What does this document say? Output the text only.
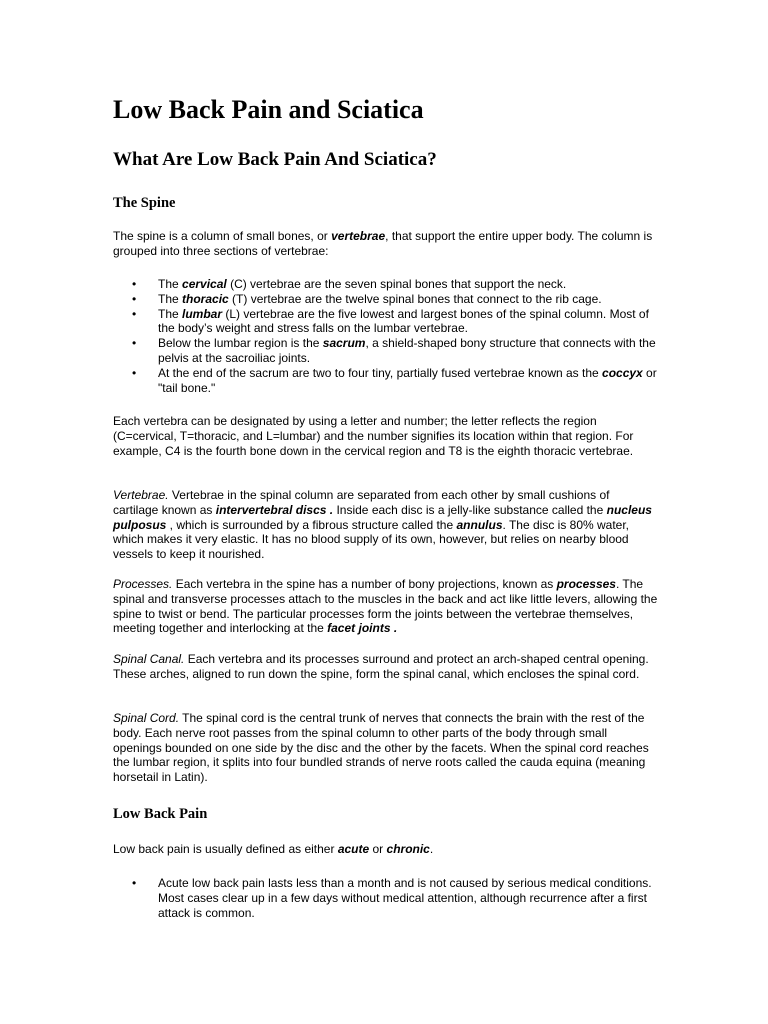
Low Back Pain and Sciatica
What Are Low Back Pain And Sciatica?
The Spine

The spine is a column of small bones, or vertebrae, that support the entire upper body. The column is grouped into three sections of vertebrae:

• The cervical (C) vertebrae are the seven spinal bones that support the neck.
• The thoracic (T) vertebrae are the twelve spinal bones that connect to the rib cage.
• The lumbar (L) vertebrae are the five lowest and largest bones of the spinal column. Most of the body’s weight and stress falls on the lumbar vertebrae.
• Below the lumbar region is the sacrum, a shield-shaped bony structure that connects with the pelvis at the sacroiliac joints.
• At the end of the sacrum are two to four tiny, partially fused vertebrae known as the coccyx or "tail bone."

Each vertebra can be designated by using a letter and number; the letter reflects the region (C=cervical, T=thoracic, and L=lumbar) and the number signifies its location within that region. For example, C4 is the fourth bone down in the cervical region and T8 is the eighth thoracic vertebrae.

Vertebrae. Vertebrae in the spinal column are separated from each other by small cushions of cartilage known as intervertebral discs . Inside each disc is a jelly-like substance called the nucleus pulposus , which is surrounded by a fibrous structure called the annulus. The disc is 80% water, which makes it very elastic. It has no blood supply of its own, however, but relies on nearby blood vessels to keep it nourished.

Processes. Each vertebra in the spine has a number of bony projections, known as processes. The spinal and transverse processes attach to the muscles in the back and act like little levers, allowing the spine to twist or bend. The particular processes form the joints between the vertebrae themselves, meeting together and interlocking at the facet joints .

Spinal Canal. Each vertebra and its processes surround and protect an arch-shaped central opening. These arches, aligned to run down the spine, form the spinal canal, which encloses the spinal cord.

Spinal Cord. The spinal cord is the central trunk of nerves that connects the brain with the rest of the body. Each nerve root passes from the spinal column to other parts of the body through small openings bounded on one side by the disc and the other by the facets. When the spinal cord reaches the lumbar region, it splits into four bundled strands of nerve roots called the cauda equina (meaning horsetail in Latin).

Low Back Pain

Low back pain is usually defined as either acute or chronic.

• Acute low back pain lasts less than a month and is not caused by serious medical conditions. Most cases clear up in a few days without medical attention, although recurrence after a first attack is common.
